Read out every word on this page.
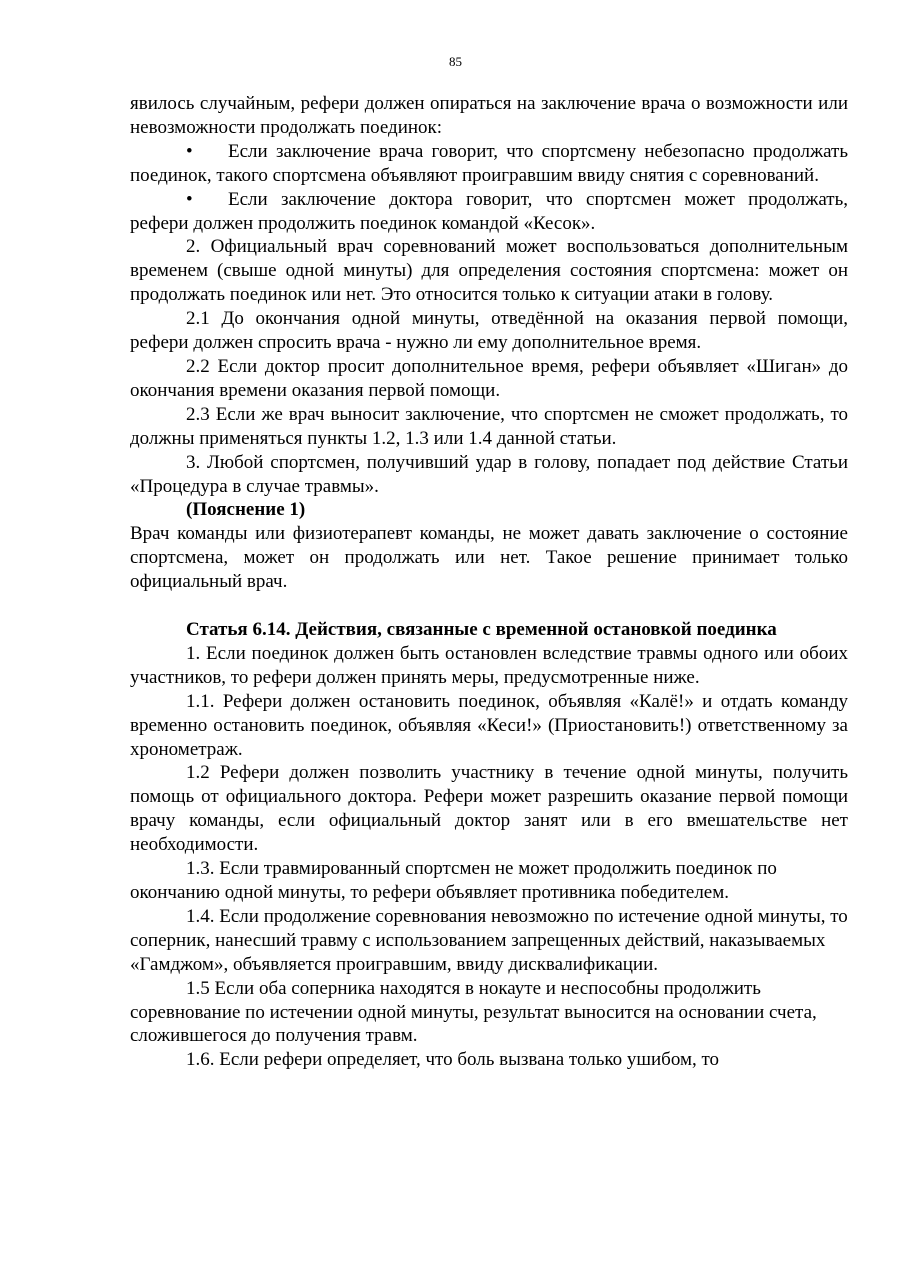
85

явилось случайным, рефери должен опираться на заключение врача о возможности или невозможности продолжать поединок:

• Если заключение врача говорит, что спортсмену небезопасно продолжать поединок, такого спортсмена объявляют проигравшим ввиду снятия с соревнований.

• Если заключение доктора говорит, что спортсмен может продолжать, рефери должен продолжить поединок командой «Кесок».

2. Официальный врач соревнований может воспользоваться дополнительным временем (свыше одной минуты) для определения состояния спортсмена: может он продолжать поединок или нет. Это относится только к ситуации атаки в голову.

2.1 До окончания одной минуты, отведённой на оказания первой помощи, рефери должен спросить врача - нужно ли ему дополнительное время.

2.2 Если доктор просит дополнительное время, рефери объявляет «Шиган» до окончания времени оказания первой помощи.

2.3 Если же врач выносит заключение, что спортсмен не сможет продолжать, то должны применяться пункты 1.2, 1.3 или 1.4 данной статьи.

3. Любой спортсмен, получивший удар в голову, попадает под действие Статьи «Процедура в случае травмы».

(Пояснение 1)

Врач команды или физиотерапевт команды, не может давать заключение о состояние спортсмена, может он продолжать или нет. Такое решение принимает только официальный врач.

Статья 6.14. Действия, связанные с временной остановкой поединка

1. Если поединок должен быть остановлен вследствие травмы одного или обоих участников, то рефери должен принять меры, предусмотренные ниже.

1.1. Рефери должен остановить поединок, объявляя «Калё!» и отдать команду временно остановить поединок, объявляя «Кеси!» (Приостановить!) ответственному за хронометраж.

1.2 Рефери должен позволить участнику в течение одной минуты, получить помощь от официального доктора. Рефери может разрешить оказание первой помощи врачу команды, если официальный доктор занят или в его вмешательстве нет необходимости.

1.3. Если травмированный спортсмен не может продолжить поединок по окончанию одной минуты, то рефери объявляет противника победителем.

1.4. Если продолжение соревнования невозможно по истечение одной минуты, то соперник, нанесший травму с использованием запрещенных действий, наказываемых «Гамджом», объявляется проигравшим, ввиду дисквалификации.

1.5 Если оба соперника находятся в нокауте и неспособны продолжить соревнование по истечении одной минуты, результат выносится на основании счета, сложившегося до получения травм.

1.6. Если рефери определяет, что боль вызвана только ушибом, то
